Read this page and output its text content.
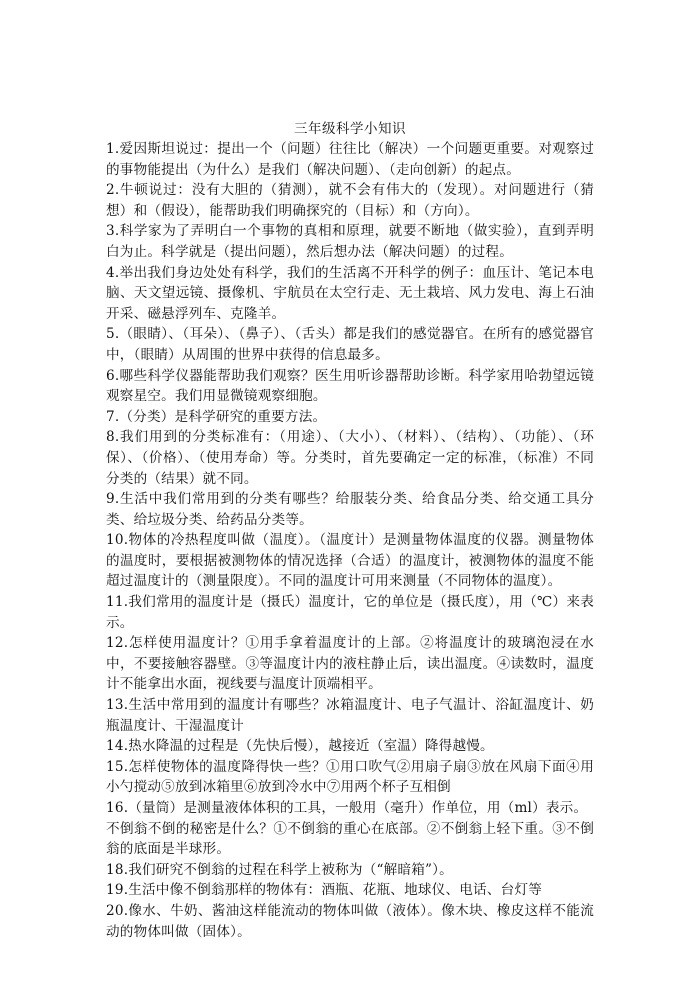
三年级科学小知识

1.爱因斯坦说过：提出一个（问题）往往比（解决）一个问题更重要。对观察过的事物能提出（为什么）是我们（解决问题）、（走向创新）的起点。
2.牛顿说过：没有大胆的（猜测），就不会有伟大的（发现）。对问题进行（猜想）和（假设），能帮助我们明确探究的（目标）和（方向）。
3.科学家为了弄明白一个事物的真相和原理，就要不断地（做实验），直到弄明白为止。科学就是（提出问题），然后想办法（解决问题）的过程。
4.举出我们身边处处有科学，我们的生活离不开科学的例子：血压计、笔记本电脑、天文望远镜、摄像机、宇航员在太空行走、无土栽培、风力发电、海上石油开采、磁悬浮列车、克隆羊。
5.（眼睛）、（耳朵）、（鼻子）、（舌头）都是我们的感觉器官。在所有的感觉器官中，（眼睛）从周围的世界中获得的信息最多。
6.哪些科学仪器能帮助我们观察？医生用听诊器帮助诊断。科学家用哈勃望远镜观察星空。我们用显微镜观察细胞。
7.（分类）是科学研究的重要方法。
8.我们用到的分类标准有：（用途）、（大小）、（材料）、（结构）、（功能）、（环保）、（价格）、（使用寿命）等。分类时，首先要确定一定的标准，（标准）不同分类的（结果）就不同。
9.生活中我们常用到的分类有哪些？给服装分类、给食品分类、给交通工具分类、给垃圾分类、给药品分类等。
10.物体的冷热程度叫做（温度）。（温度计）是测量物体温度的仪器。测量物体的温度时，要根据被测物体的情况选择（合适）的温度计，被测物体的温度不能超过温度计的（测量限度）。不同的温度计可用来测量（不同物体的温度）。
11.我们常用的温度计是（摄氏）温度计，它的单位是（摄氏度），用（℃）来表示。
12.怎样使用温度计？①用手拿着温度计的上部。②将温度计的玻璃泡浸在水中，不要接触容器壁。③等温度计内的液柱静止后，读出温度。④读数时，温度计不能拿出水面，视线要与温度计顶端相平。
13.生活中常用到的温度计有哪些？冰箱温度计、电子气温计、浴缸温度计、奶瓶温度计、干湿温度计
14.热水降温的过程是（先快后慢），越接近（室温）降得越慢。
15.怎样使物体的温度降得快一些？①用口吹气②用扇子扇③放在风扇下面④用小勺搅动⑤放到冰箱里⑥放到冷水中⑦用两个杯子互相倒
16.（量筒）是测量液体体积的工具，一般用（毫升）作单位，用（ml）表示。
不倒翁不倒的秘密是什么？①不倒翁的重心在底部。②不倒翁上轻下重。③不倒翁的底面是半球形。
18.我们研究不倒翁的过程在科学上被称为（“解暗箱”）。
19.生活中像不倒翁那样的物体有：酒瓶、花瓶、地球仪、电话、台灯等
20.像水、牛奶、酱油这样能流动的物体叫做（液体）。像木块、橡皮这样不能流动的物体叫做（固体）。
